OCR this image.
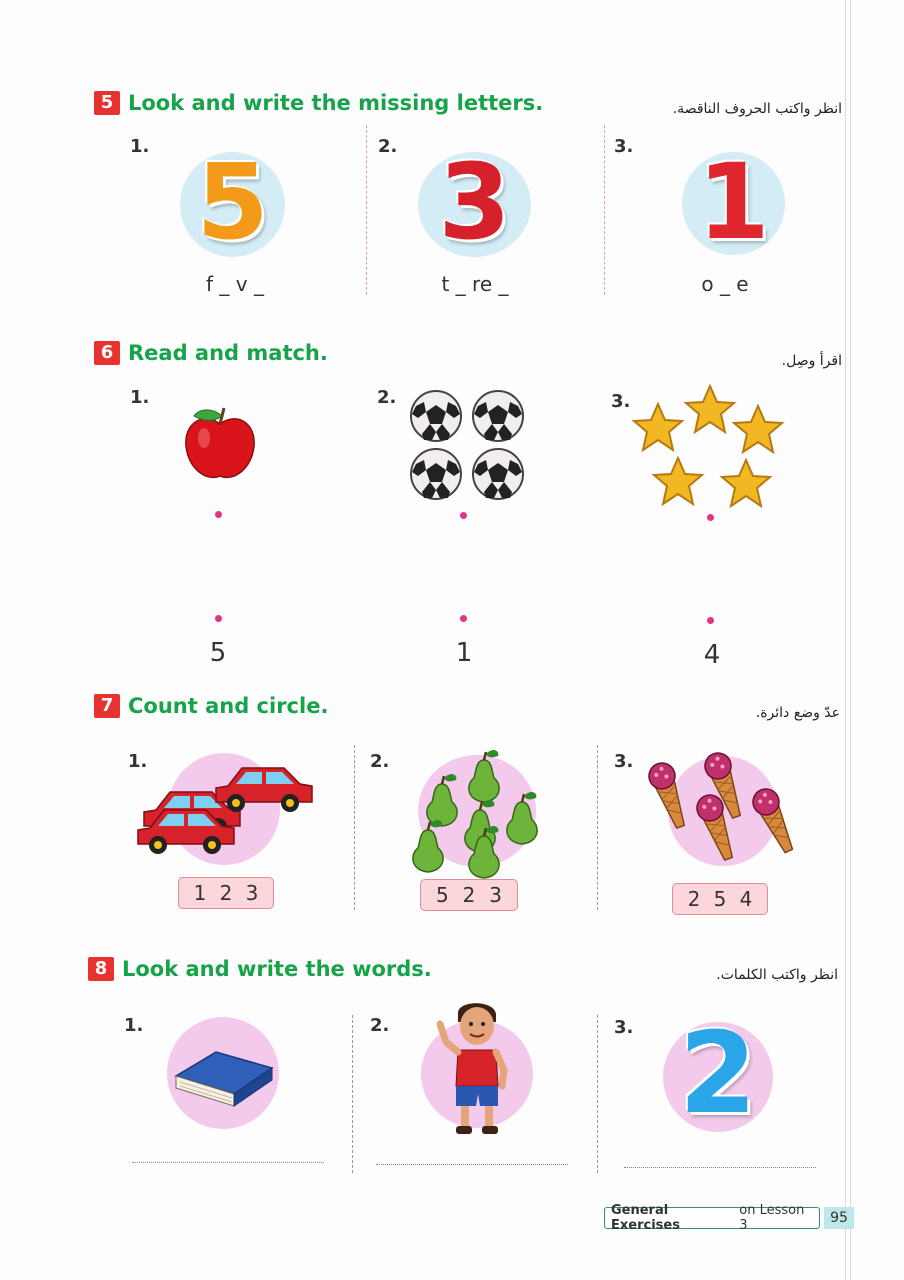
5 Look and write the missing letters.	انظر واكتب الحروف الناقصة.
1. 5
f _ v _
2. 3
t _ re _
3. 1
o _ e
6 Read and match.	اقرأ وصِل.
1.	2.	3.
5	1	4
7 Count and circle.	عدّ وضع دائرة.
1.	2.	3.
1 2 3	5 2 3	2 5 4
8 Look and write the words.	انظر واكتب الكلمات.
1.	2.	3. 2
General Exercises
on Lesson 3	95
